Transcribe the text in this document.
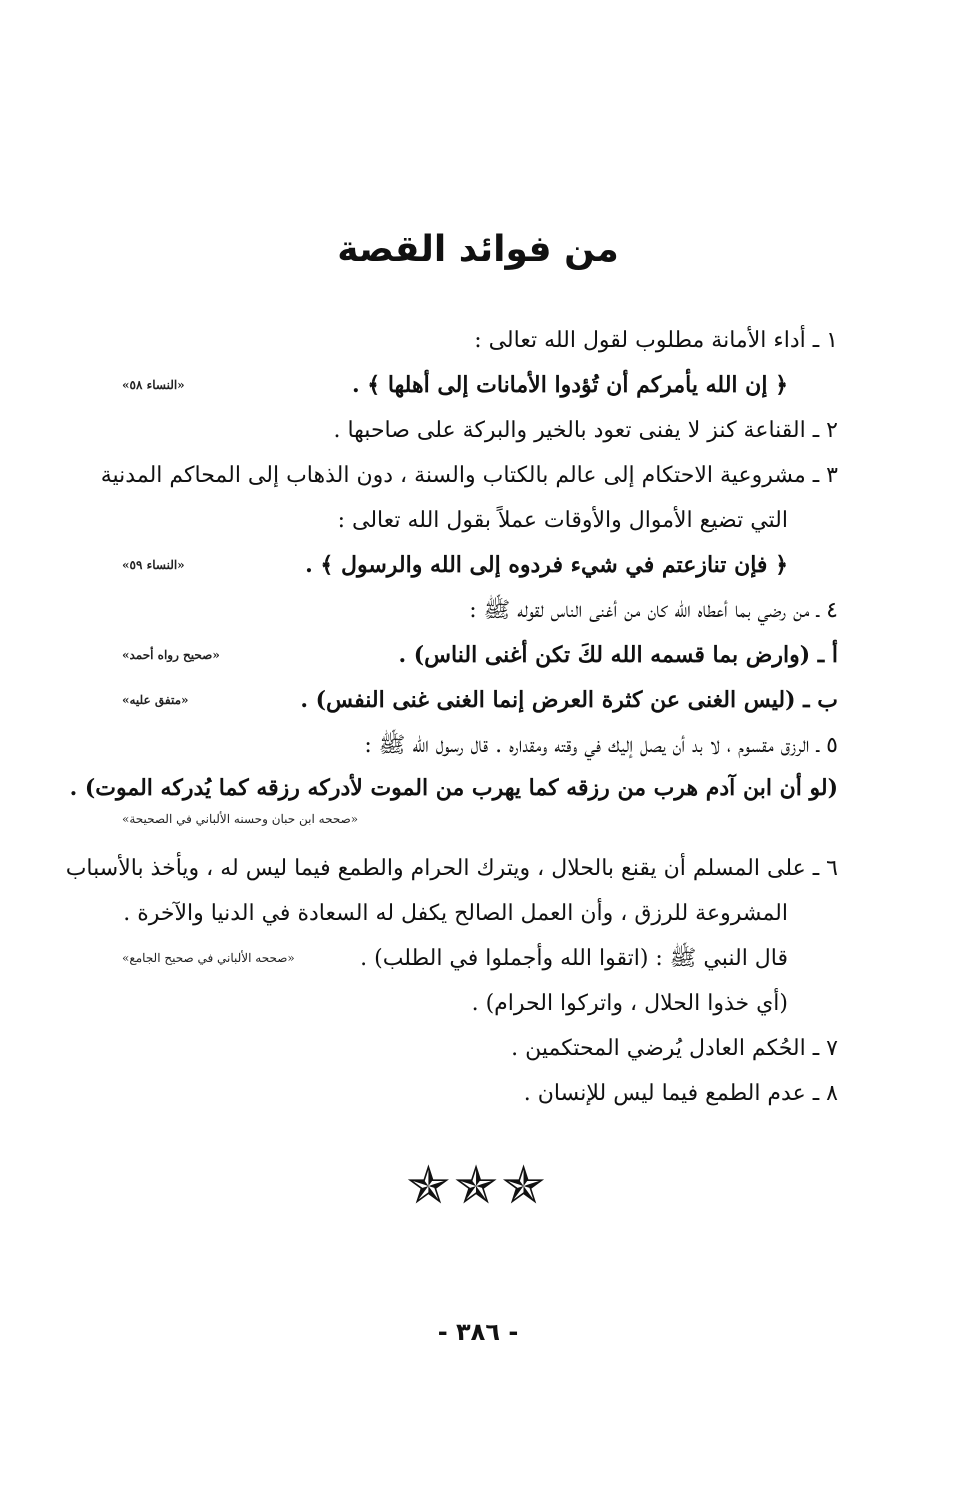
من فوائد القصة
١ ـ أداء الأمانة مطلوب لقول الله تعالى :
﴿ إن الله يأمركم أن تُؤدوا الأمانات إلى أهلها ﴾ .
«النساء ٥٨»
٢ ـ القناعة كنز لا يفنى تعود بالخير والبركة على صاحبها .
٣ ـ مشروعية الاحتكام إلى عالم بالكتاب والسنة ، دون الذهاب إلى المحاكم المدنية
التي تضيع الأموال والأوقات عملاً بقول الله تعالى :
﴿ فإن تنازعتم في شيء فردوه إلى الله والرسول ﴾ .
«النساء ٥٩»
٤ ـ من رضي بما أعطاه الله كان من أغنى الناس لقوله ﷺ :
أ ـ (وارض بما قسمه الله لكَ تكن أغنى الناس) .
«صحيح رواه أحمد»
ب ـ (ليس الغنى عن كثرة العرض إنما الغنى غنى النفس) .
«متفق عليه»
٥ ـ الرزق مقسوم ، لا بد أن يصل إليك في وقته ومقداره . قال رسول الله ﷺ :
(لو أن ابن آدم هرب من رزقه كما يهرب من الموت لأدركه رزقه كما يُدركه الموت) .
«صححه ابن حبان وحسنه الألباني في الصحيحة»
٦ ـ على المسلم أن يقنع بالحلال ، ويترك الحرام والطمع فيما ليس له ، ويأخذ بالأسباب
المشروعة للرزق ، وأن العمل الصالح يكفل له السعادة في الدنيا والآخرة .
قال النبي ﷺ : (اتقوا الله وأجملوا في الطلب) .
«صححه الألباني في صحيح الجامع»
(أي خذوا الحلال ، واتركوا الحرام) .
٧ ـ الحُكم العادل يُرضي المحتكمين .
٨ ـ عدم الطمع فيما ليس للإنسان .
✯✯✯
- ٣٨٦ -
